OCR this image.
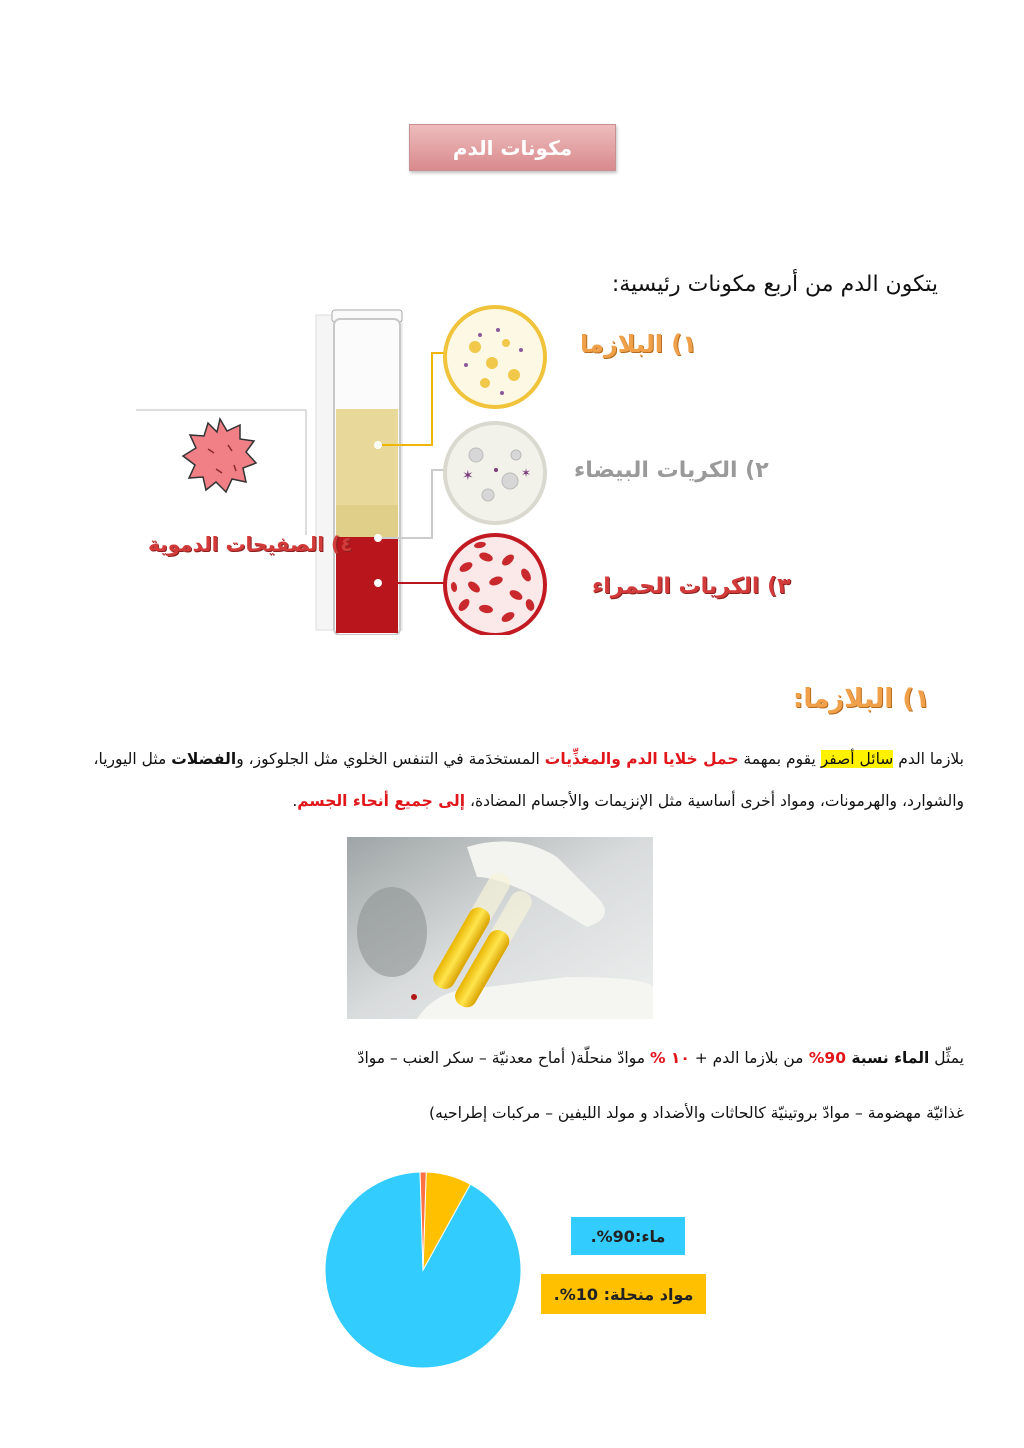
مكونات الدم
يتكون الدم من أربع مكونات رئيسية:
✶	✶
١) البلازما
٢) الكريات البيضاء
٣) الكريات الحمراء
٤) الصفيحات الدموية
١) البلازما:
بلازما الدم سائل أصفر يقوم بمهمة حمل خلايا الدم والمغذِّيات المستخدَمة في التنفس الخلوي مثل الجلوكوز، والفضلات مثل اليوريا،
والشوارد، والهرمونات، ومواد أخرى أساسية مثل الإنزيمات والأجسام المضادة، إلى جميع أنحاء الجسم.
يمثِّل الماء نسبة 90% من بلازما الدم + ١٠ % موادّ منحلّة( أماح معدنيّة – سكر العنب – موادّ
غذائيّة مهضومة – موادّ بروتينيّة كالحاثات والأضداد و مولد الليفين – مركبات إطراحيه)
ماء:90%.
مواد منحلة: 10%.
